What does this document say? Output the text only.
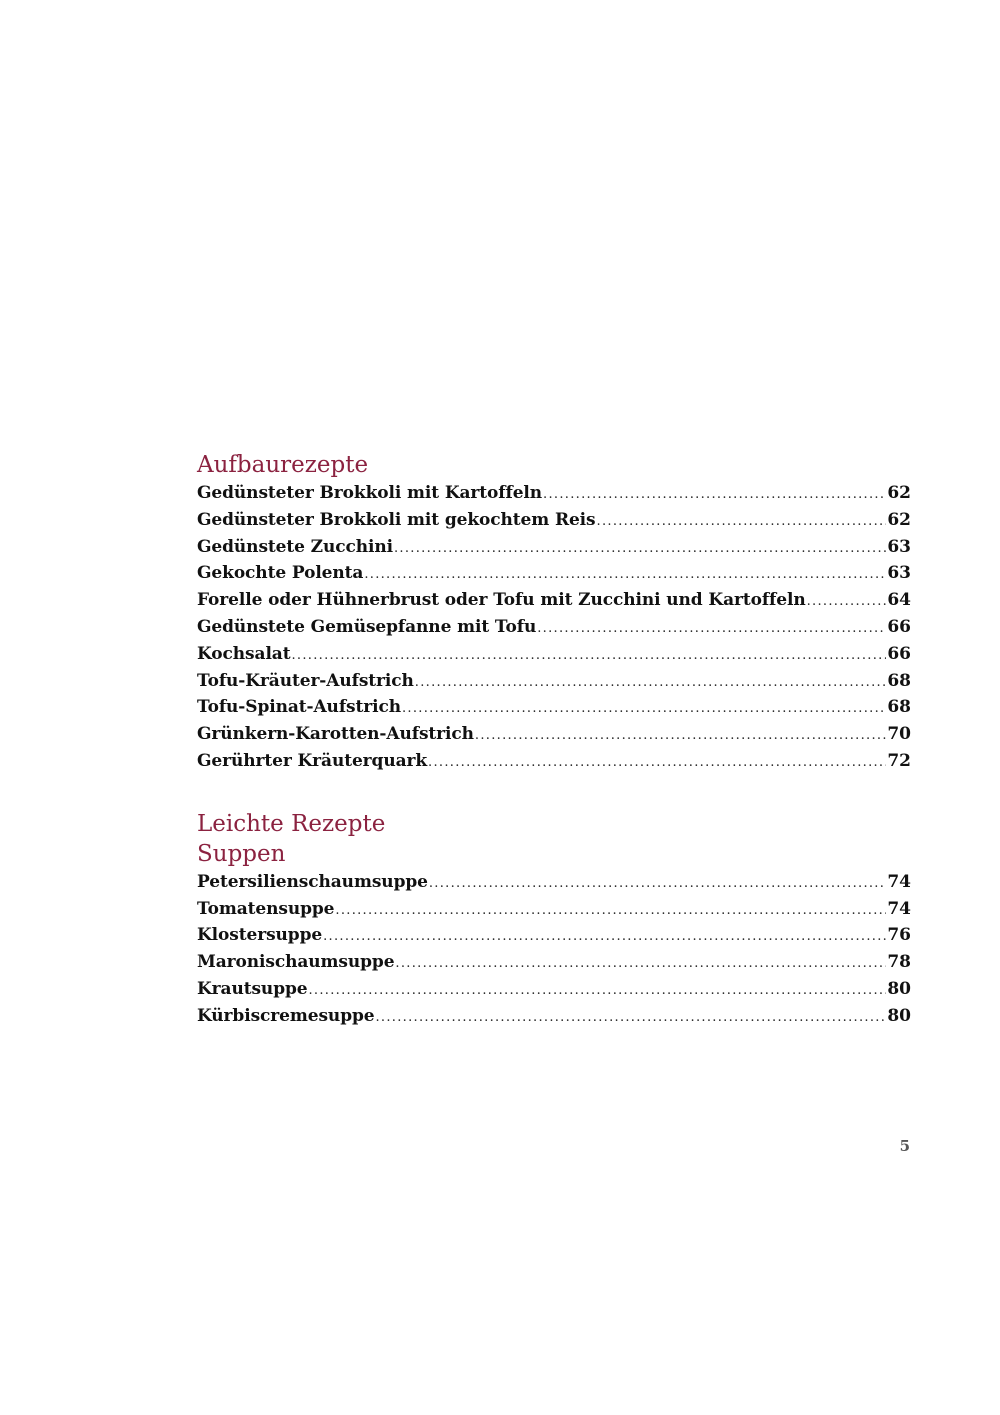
Aufbaurezepte
Gedünsteter Brokkoli mit Kartoffeln .....	62
Gedünsteter Brokkoli mit gekochtem Reis .....	62
Gedünstete Zucchini .....	63
Gekochte Polenta .....	63
Forelle oder Hühnerbrust oder Tofu mit Zucchini und Kartoffeln .....	64
Gedünstete Gemüsepfanne mit Tofu .....	66
Kochsalat .....	66
Tofu-Kräuter-Aufstrich .....	68
Tofu-Spinat-Aufstrich .....	68
Grünkern-Karotten-Aufstrich .....	70
Gerührter Kräuterquark .....	72
Leichte Rezepte
Suppen
Petersilienschaumsuppe .....	74
Tomatensuppe .....	74
Klostersuppe .....	76
Maronischaumsuppe .....	78
Krautsuppe .....	80
Kürbiscremesuppe .....	80
5
